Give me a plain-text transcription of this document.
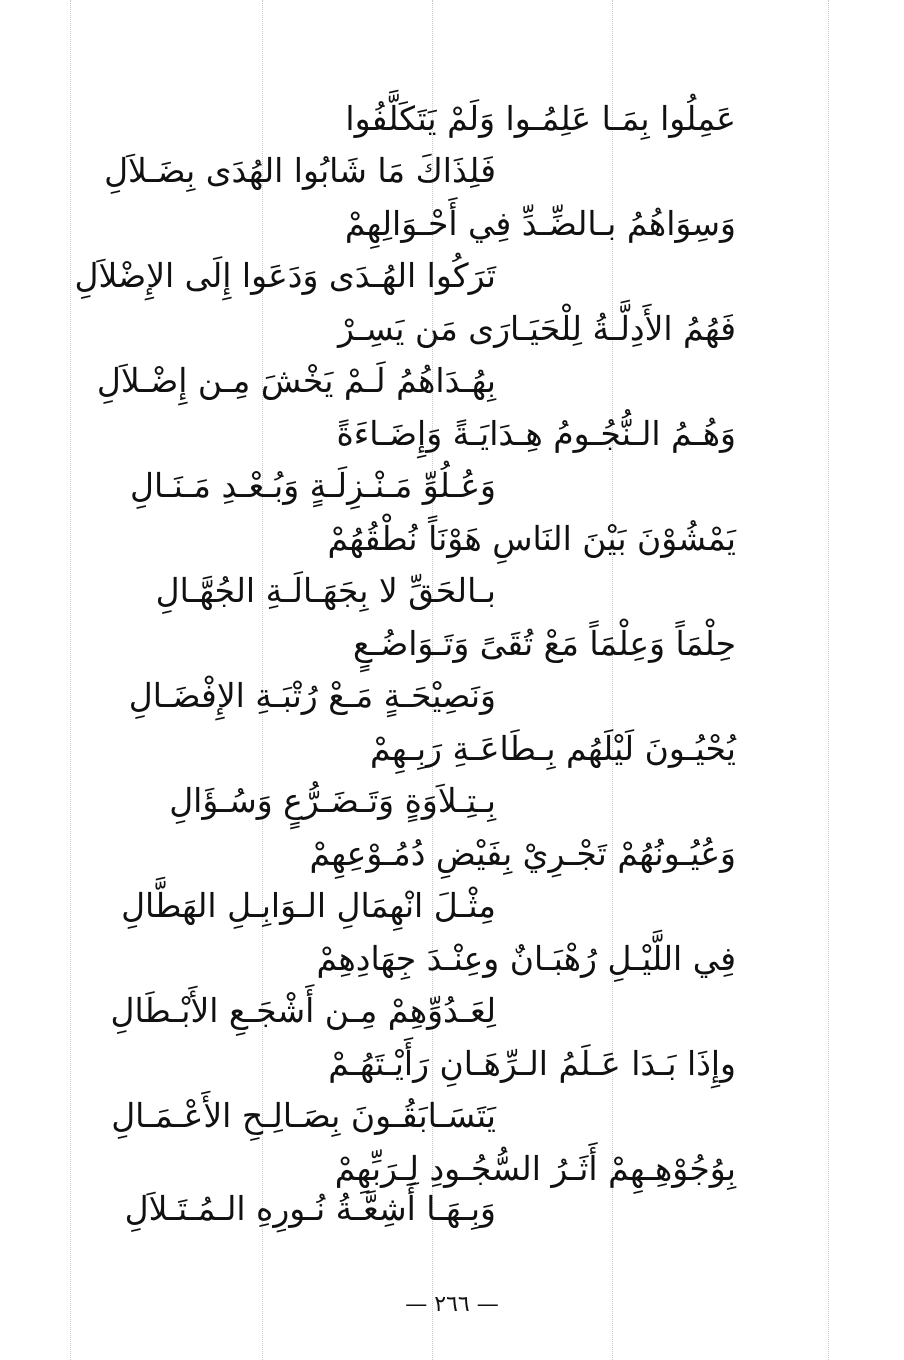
عَمِلُوا بِمَـا عَلِمُـوا وَلَمْ يَتَكَلَّفُوا
فَلِذَاكَ مَا شَابُوا الهُدَى بِضَـلاَلِ
وَسِوَاهُمُ بـالضِّـدِّ فِي أَحْـوَالِهِمْ
تَرَكُوا الهُـدَى وَدَعَوا إِلَى الإِضْلاَلِ
فَهُمُ الأَدِلَّـةُ لِلْحَيَـارَى مَن يَسِـرْ
بِهُـدَاهُمُ لَـمْ يَخْشَ مِـن إِضْـلاَلِ
وَهُـمُ الـنُّجُـومُ هِـدَايَـةً وَإِضَـاءَةً
وَعُـلُوِّ مَـنْـزِلَـةٍ وَبُـعْـدِ مَـنَـالِ
يَمْشُوْنَ بَيْنَ النَاسِ هَوْنَاً نُطْقُهُمْ
بـالحَقِّ لا بِجَهَـالَـةِ الجُهَّـالِ
حِلْمَاً وَعِلْمَاً مَعْ تُقَىً وَتَـوَاضُـعٍ
وَنَصِيْحَـةٍ مَـعْ رُتْبَـةِ الإِفْضَـالِ
يُحْيُـونَ لَيْلَهُم بِـطَاعَـةِ رَبِـهِمْ
بِـتِـلاَوَةٍ وَتَـضَـرُّعٍ وَسُـؤَالِ
وَعُيُـونُهُمْ تَجْـرِيْ بِفَيْضِ دُمُـوْعِهِمْ
مِثْـلَ انْهِمَالِ الـوَابِـلِ الهَطَّالِ
فِي اللَّيْـلِ رُهْبَـانٌ وعِنْـدَ جِهَادِهِمْ
لِعَـدُوِّهِمْ مِـن أَشْجَـعِ الأَبْـطَالِ
وإِذَا بَـدَا عَـلَمُ الـرِّهَـانِ رَأَيْـتَهُـمْ
يَتَسَـابَقُـونَ بِصَـالِـحِ الأَعْـمَـالِ
بِوُجُوْهِـهِمْ أَثَـرُ السُّجُـودِ لِـرَبِّهِمْ
وَبِـهَـا أَشِعَّـةُ نُـورِهِ الـمُـتَـلاَلِ
— ٢٦٦ —
